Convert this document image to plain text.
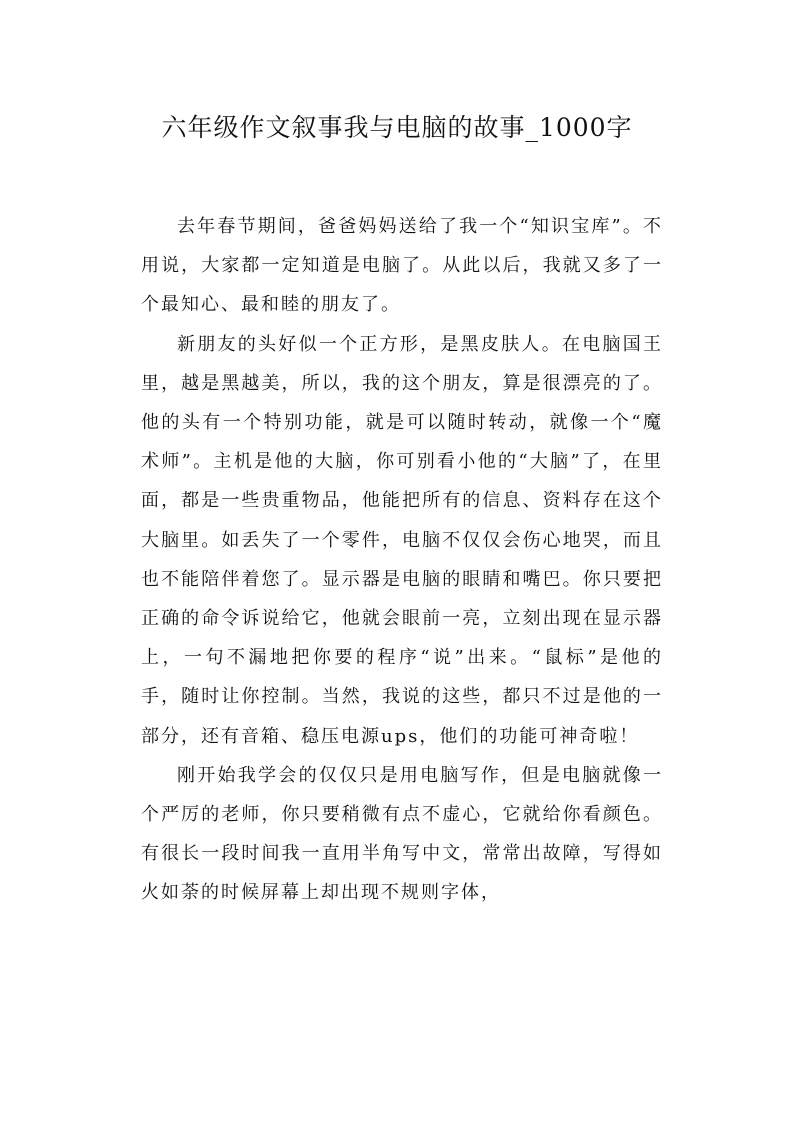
六年级作文叙事我与电脑的故事_1000字

去年春节期间，爸爸妈妈送给了我一个“知识宝库”。不用说，大家都一定知道是电脑了。从此以后，我就又多了一个最知心、最和睦的朋友了。

新朋友的头好似一个正方形，是黑皮肤人。在电脑国王里，越是黑越美，所以，我的这个朋友，算是很漂亮的了。他的头有一个特别功能，就是可以随时转动，就像一个“魔术师”。主机是他的大脑，你可别看小他的“大脑”了，在里面，都是一些贵重物品，他能把所有的信息、资料存在这个大脑里。如丢失了一个零件，电脑不仅仅会伤心地哭，而且也不能陪伴着您了。显示器是电脑的眼睛和嘴巴。你只要把正确的命令诉说给它，他就会眼前一亮，立刻出现在显示器上，一句不漏地把你要的程序“说”出来。“鼠标”是他的手，随时让你控制。当然，我说的这些，都只不过是他的一部分，还有音箱、稳压电源ups，他们的功能可神奇啦！

刚开始我学会的仅仅只是用电脑写作，但是电脑就像一个严厉的老师，你只要稍微有点不虚心，它就给你看颜色。有很长一段时间我一直用半角写中文，常常出故障，写得如火如荼的时候屏幕上却出现不规则字体，
